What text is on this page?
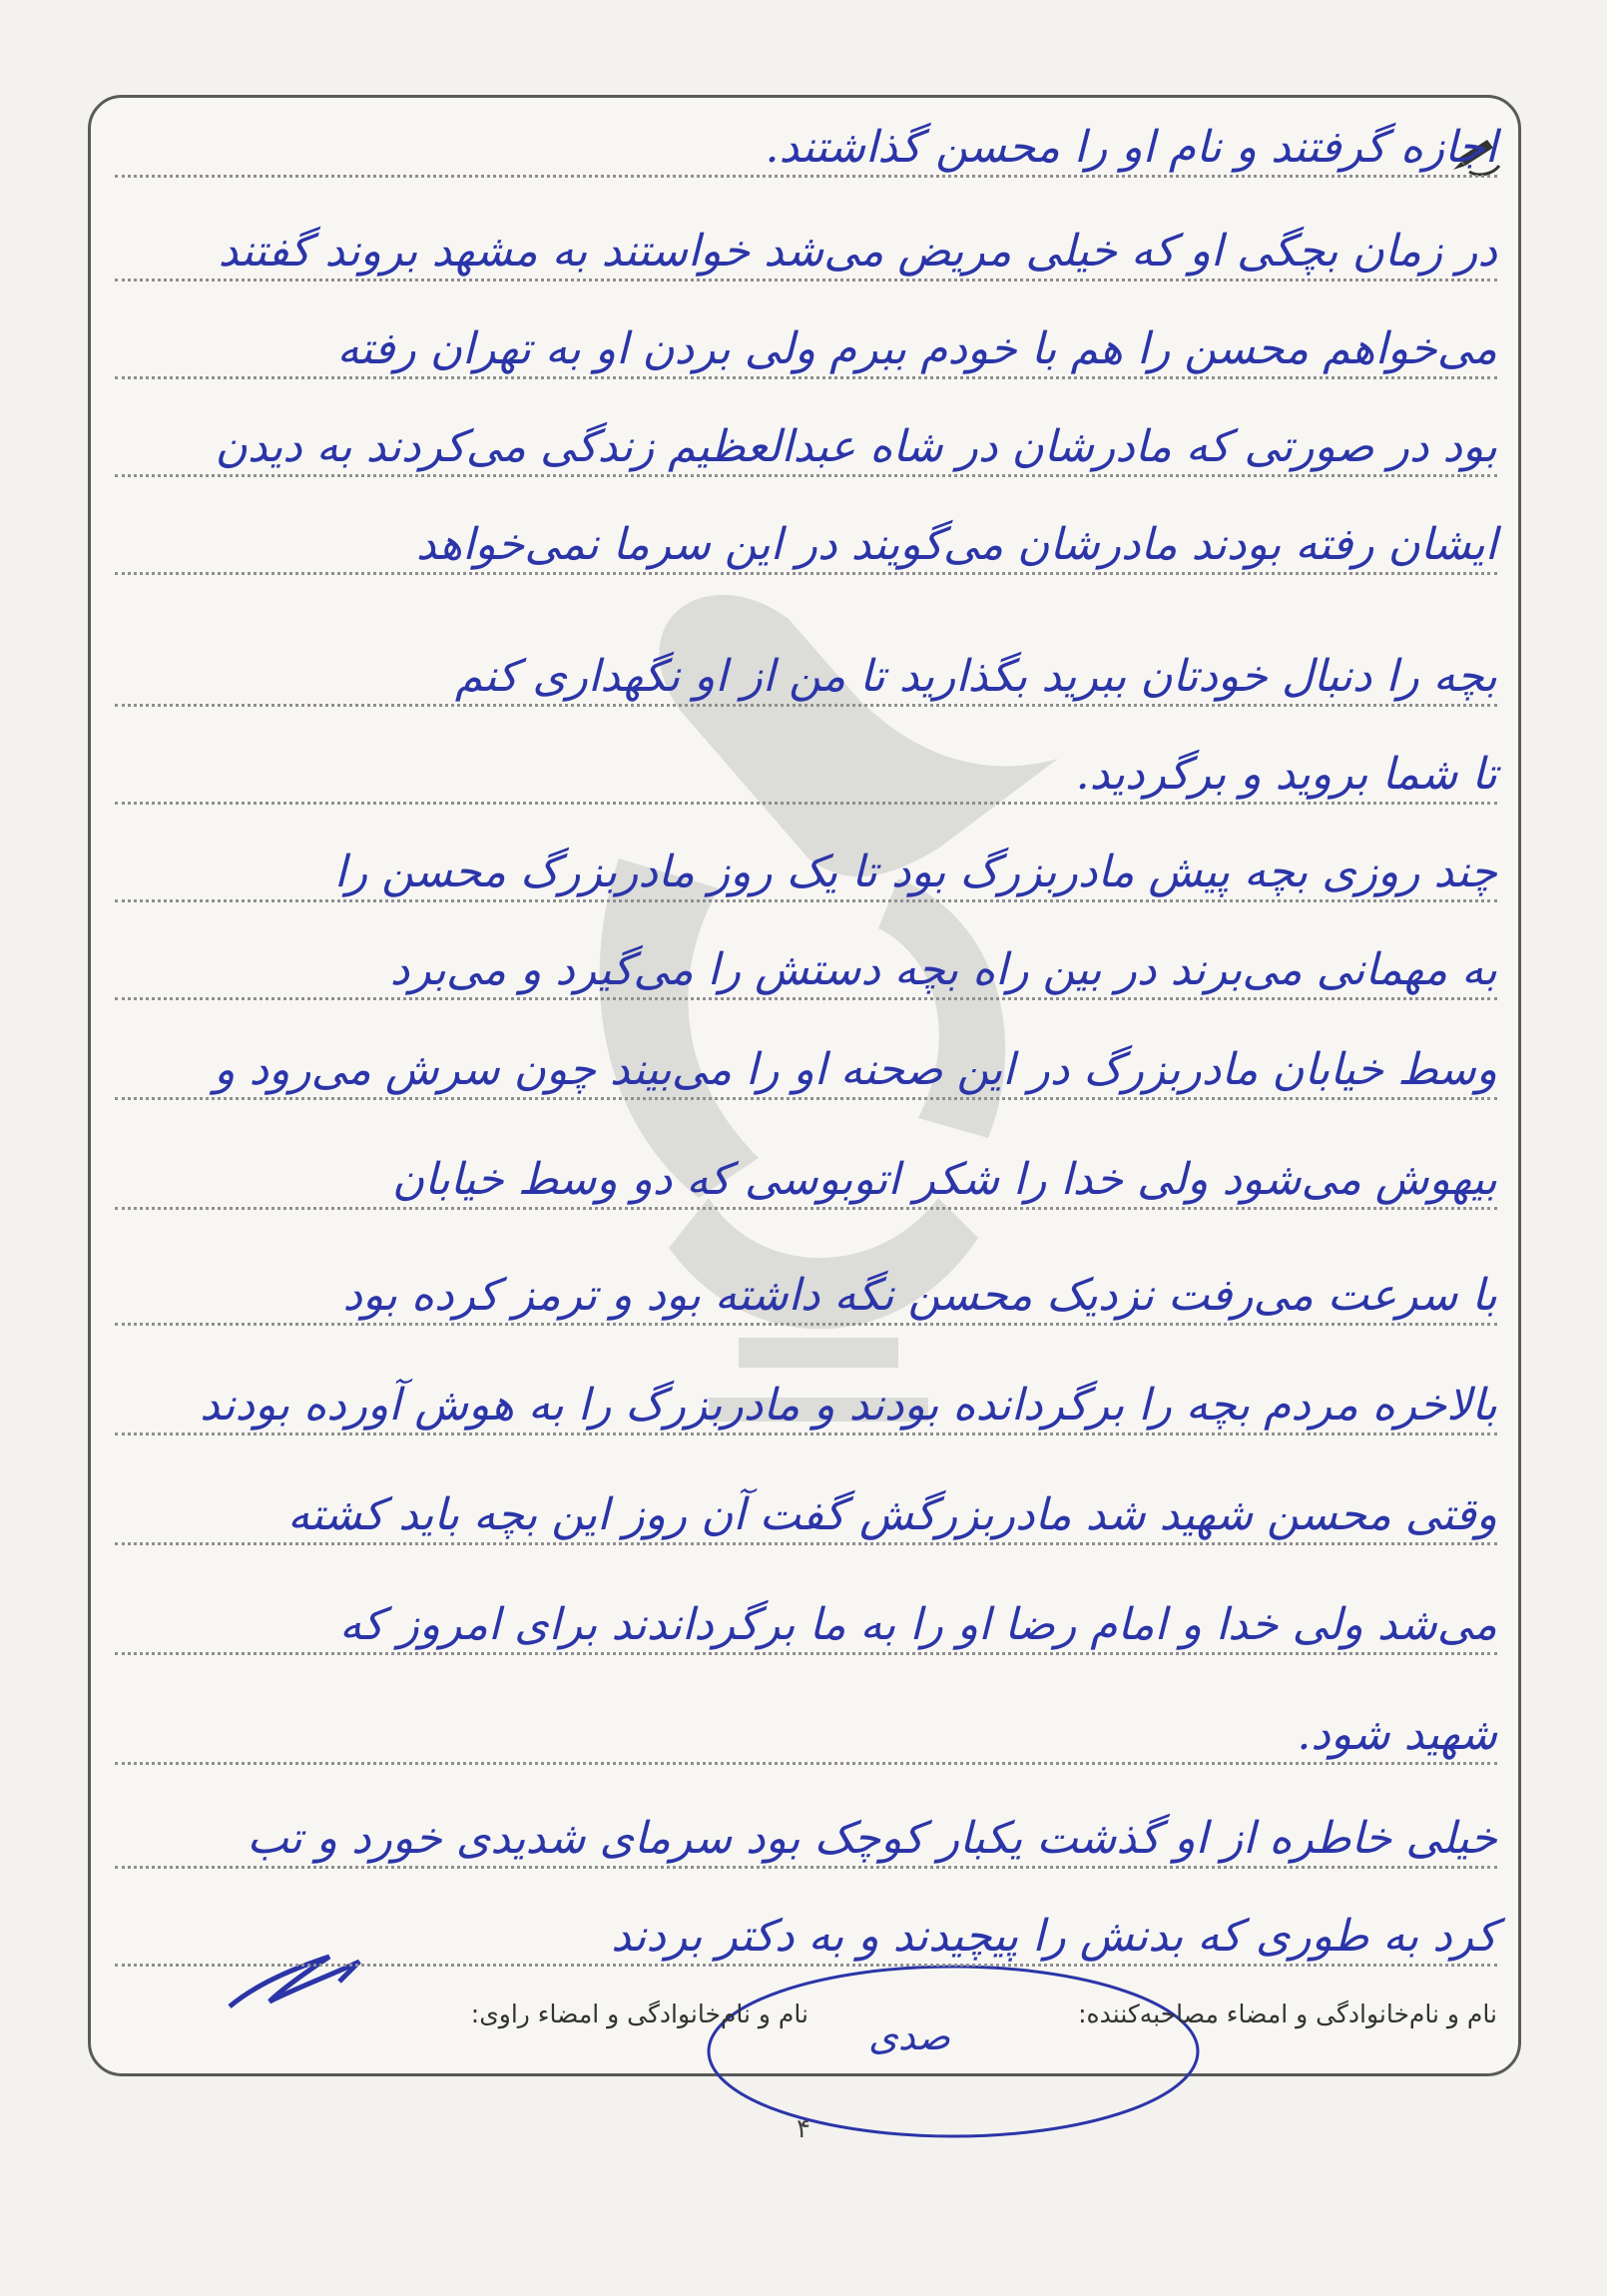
اجازه گرفتند و نام او را محسن گذاشتند.
در زمان بچگی او که خیلی مریض می‌شد خواستند به مشهد بروند گفتند
می‌خواهم محسن را هم با خودم ببرم ولی بردن او به تهران رفته
بود در صورتی که مادرشان در شاه عبدالعظیم زندگی می‌کردند به دیدن
ایشان رفته بودند مادرشان می‌گویند در این سرما نمی‌خواهد
بچه را دنبال خودتان ببرید بگذارید تا من از او نگهداری کنم
تا شما بروید و برگردید.
چند روزی بچه پیش مادربزرگ بود تا یک روز مادربزرگ محسن را
به مهمانی می‌برند در بین راه بچه دستش را می‌گیرد و می‌برد
وسط خیابان مادربزرگ در این صحنه او را می‌بیند چون سرش می‌رود و
بیهوش می‌شود ولی خدا را شکر اتوبوسی که دو وسط خیابان
با سرعت می‌رفت نزدیک محسن نگه داشته بود و ترمز کرده بود
بالاخره مردم بچه را برگردانده بودند و مادربزرگ را به هوش آورده بودند
وقتی محسن شهید شد مادربزرگش گفت آن روز این بچه باید کشته
می‌شد ولی خدا و امام رضا او را به ما برگرداندند برای امروز که
شهید شود.
خیلی خاطره از او گذشت یکبار کوچک بود سرمای شدیدی خورد و تب
کرد به طوری که بدنش را پیچیدند و به دکتر بردند
نام و نام‌خانوادگی و امضاء مصاحبه‌کننده:
نام و نام‌خانوادگی و امضاء راوی:
صدی
۴
